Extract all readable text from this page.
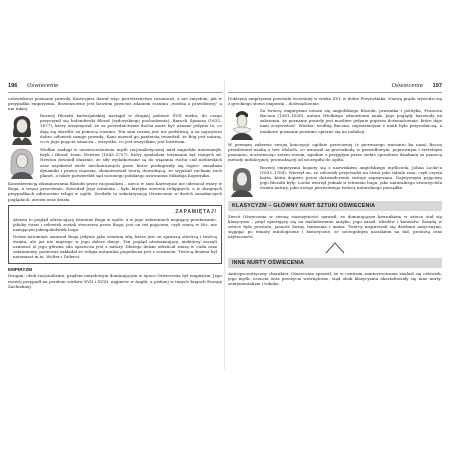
196 Oświecenie

człowiekowi poznanie prawdy. Kartezjusz dawał więc pierwszeństwo rozumowi, a nie zmysłom, jak w przypadku empiryzmu. Bezsensowne jest bowiem przecież zdaniem rozumu „wiedza z prawdziwej” a nie takiej.

Rozwój filozofii kartezjańskiej nastąpił w drugiej połowie XVII wieku, do czego przyczynił się holenderski filozof (żydowskiego pochodzenia), Baruch Spinoza (1632–1677), który utrzymywał, że za pośrednictwem ducha może być uznane jedynie to, co dają się określić za pomocą rozumu. Ten sam rozum jest też podstawą, a za najwyższe dobro człowiek uznaje prawdę. Kant nazwał go panteistą twierdził, że Bóg jest naturą, co w jego pojęciu oznacza – wszystko, co jest wszystkim, jest bóstwem.

Wielkie zasługi w unowocześnieniu myśli racjonalistycznej miał angielski matematyk, fizyk i filozof, Isaac Newton (1643–1727), który symbolem trzymania był różnych sił. Newton dowiódł słusznie, że siły wydatkowane są do wiązania ruchu ciał niebieskich oraz uzyskiwał wiele mechanicznych praw, które posługiwały się logice: zasadami dynamiki i prawa ciążenia, skonstruował teorię dowodzącą, że wyjaśnił ruchami ruch planet, a także potwierdził sąd uczonego polskiego astronoma Mikołaja Kopernika.

Konsekwencją zdominowania filozofii przez racjonalizm – nieco w sam Kartezjusz nie odrzucał wiary w Boga, a wręcz przeciwnie, dowodził Jego istnienia – było krytyka wierzeń religijnych, a w skrajnych przypadkach odrzucenie religii w ogóle. Zrodziło to sekularyzację Oświecenie w dwóch zasadniczych poglądach: ateizm oraz deizm.

ZAPAMIĘTAJ!

Ateizm to pogląd odrzucający istnienie Boga w ogóle, a w jego założeniach negujący przekonanie, jakoby świat i człowiek zostali stworzeni przez Boga; jest on też pojęciem, czyli wiarą w Nic, nie uznającym jakiegokolwiek boga.

Deizm natomiast uznawał Boga jedynie jako ostatnią siłę, która jest on sprawcą stwórcą i twórcą świata, ale już nie ingeruje w jego dalsze dzieje. Ten pogląd utożsamiający, niektórzy zaczęli uznawać iż jego główna sila sprawcza jest z natury. Dlatego deizm odrzucał wiarę w cuda oraz sakramenty, ponieważ zakładał że religia naturalna pogodzona jest z rozumem. Twórcą deizmu był natomiast m.in. Wolter i Diderot.

EMPIRYZM

Drugim, obok racjonalizmu, prądem umysłowym dominującym w epoce Oświecenia był empiryzm. Jego rozwój przypadł na przełom wieków XVII i XVIII, najpierw w Anglii, a później w innych krajach Europy Zachodniej.

Oświecenie 197

Doktryna empiryzmu powstała wcześniej w wieku XVI, w dobie Przyrodnika. Nazwę prądu wywodzi się z greckiego słowa empeiria – doświadczenie.

Za twórcę empiryzmu uważa się angielskiego filozofa, prawnika i polityka, Francisa Bacona (1561–1626), autora Wielkiego odnowienia nauk. Jego poglądy bazowały na założeniu, że poznanie prawdy jest możliwe jedynie poprzez doświadczenie, które daje nam oczywistość. Wiedza, według Bacona, najważniejsza z nauk była przyrodniczą, a naukowe poznanie powinno opierać się na indukcji.

W pewnym zakresie swojej koncepcji ogólnie przeciwnej (z pierwszego wariantu ku nam) Bacon przedstawił naukę o tzw. idolach, co uznawał za przeszkodę w prawidłowym, poprawnym i rzetelnym poznaniu, uczestnicząc zatem rozum, zgodnie z przyjętym przez siebie sposobem działania za pomocą metody indukcyjnej, prowadzącej od szczegółu do ogółu.

Rozwój empiryzmu kojarzy się z nazwiskiem angielskiego myśliciela, Johna Locke'a (1632–1704). Wierzył on, że człowiek przychodzi na świat jako tabula rasa, czyli czysta karta, która dopiero przez doświadczenie zostaje zapisywana. Najwyższym pojęciem jego filozofii były: Locke wierzył jednak w istnienie boga, jako naturalnego stworzyciela świata natury, jako owego pierwotnego twórcy naturalnego porządku.

KLASYCYZM – GŁÓWNY NURT SZTUKI OŚWIECENIA

Zwrot Oświecenia w stronę starożytności sprawił, że dominującym kierunkiem w sztuce stał się klasycyzm – prąd opierający się na naśladowaniu antyku, jego zasad, ideałów i kanonów. Zasadą w sztuce była prostota, jasność formy, harmonia i umiar. Twórcy inspirowali się dziełami antycznymi, sięgając po tematy mitologiczne i historyczne, ze szczególnym naciskiem na ład, prostotę oraz użyteczność.

INNE NURTY OŚWIECENIA

Antropocentryczny charakter Oświecenia sprawił, że w centrum zainteresowania znalazł się człowiek, jego myśli, uczucia oraz przeżycia wewnętrzne, stąd obok klasycyzmu ukształtowały się inne nurty: sentymentalizm i rokoko.
